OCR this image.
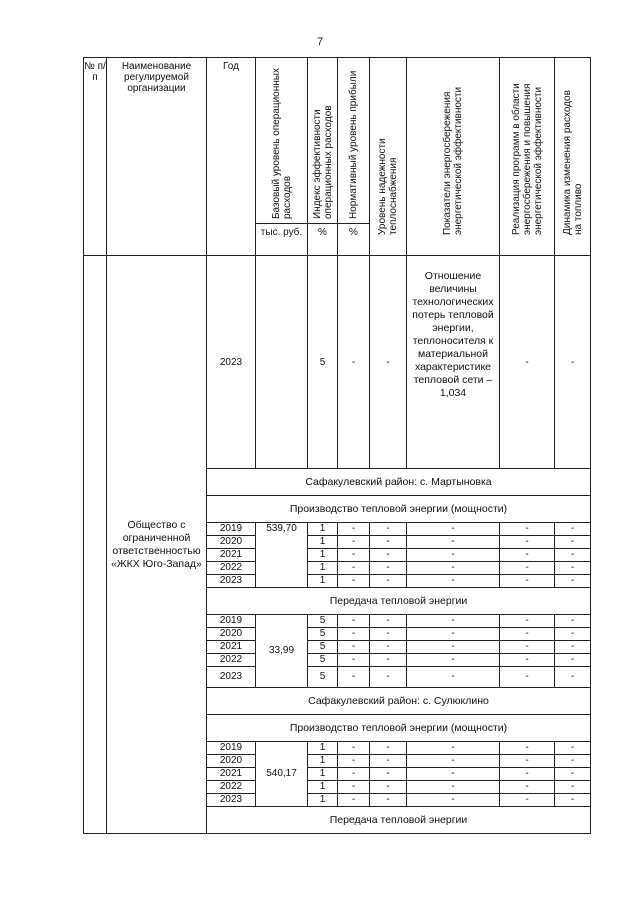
7
№ п/п	Наименование регулируемой организации	Год	Базовый уровень операционных расходов	Индекс эффективности операционных расходов	Нормативный уровень прибыли	Уровень надежности теплоснабжения	Показатели энергосбережения энергетической эффективности	Реализация программ в области энергосбережения и повышения энергетической эффективности	Динамика изменения расходов на топливо
			тыс. руб.	%	%				
	Общество с ограниченной ответственностью «ЖКХ Юго-Запад»	2023		5	-	-	Отношение величины технологических потерь тепловой энергии, теплоносителя к материальной характеристике тепловой сети – 1,034	-	-
		Сафакулевский район: с. Мартыновка							
		Производство тепловой энергии (мощности)							
		2019	539,70	1	-	-	-	-	-
		2020		1	-	-	-	-	-
		2021		1	-	-	-	-	-
		2022		1	-	-	-	-	-
		2023		1	-	-	-	-	-
		Передача тепловой энергии							
		2019	33,99	5	-	-	-	-	-
		2020		5	-	-	-	-	-
		2021		5	-	-	-	-	-
		2022		5	-	-	-	-	-
		2023		5	-	-	-	-	-
		Сафакулевский район: с. Сулюклино							
		Производство тепловой энергии (мощности)							
		2019	540,17	1	-	-	-	-	-
		2020		1	-	-	-	-	-
		2021		1	-	-	-	-	-
		2022		1	-	-	-	-	-
		2023		1	-	-	-	-	-
		Передача тепловой энергии							
